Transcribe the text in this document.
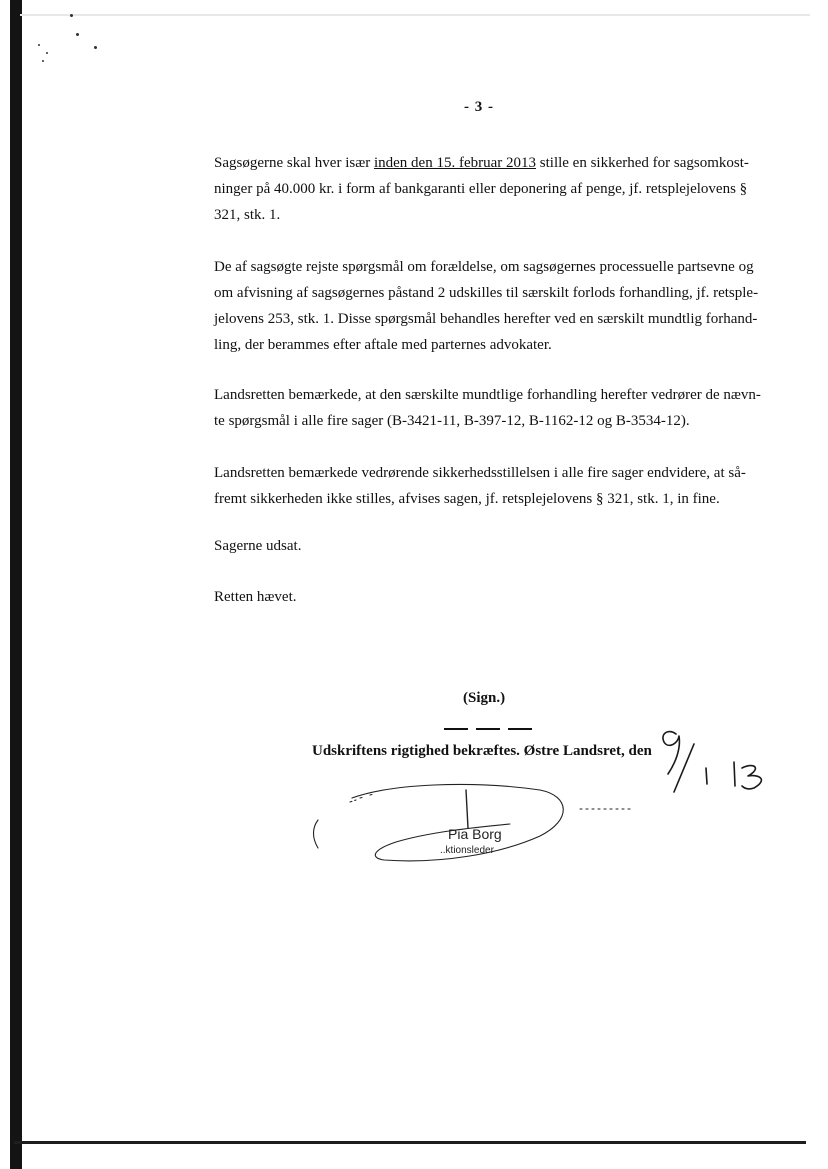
- 3 -

Sagsøgerne skal hver især inden den 15. februar 2013 stille en sikkerhed for sagsomkost-
ninger på 40.000 kr. i form af bankgaranti eller deponering af penge, jf. retsplejelovens §
321, stk. 1.

De af sagsøgte rejste spørgsmål om forældelse, om sagsøgernes processuelle partsevne og
om afvisning af sagsøgernes påstand 2 udskilles til særskilt forlods forhandling, jf. retsple-
jelovens 253, stk. 1. Disse spørgsmål behandles herefter ved en særskilt mundtlig forhand-
ling, der berammes efter aftale med parternes advokater.

Landsretten bemærkede, at den særskilte mundtlige forhandling herefter vedrører de nævn-
te spørgsmål i alle fire sager (B-3421-11, B-397-12, B-1162-12 og B-3534-12).

Landsretten bemærkede vedrørende sikkerhedsstillelsen i alle fire sager endvidere, at så-
fremt sikkerheden ikke stilles, afvises sagen, jf. retsplejelovens § 321, stk. 1, in fine.

Sagerne udsat.

Retten hævet.

(Sign.)
Udskriftens rigtighed bekræftes. Østre Landsret, den
Pia Borg
..ktionsleder
